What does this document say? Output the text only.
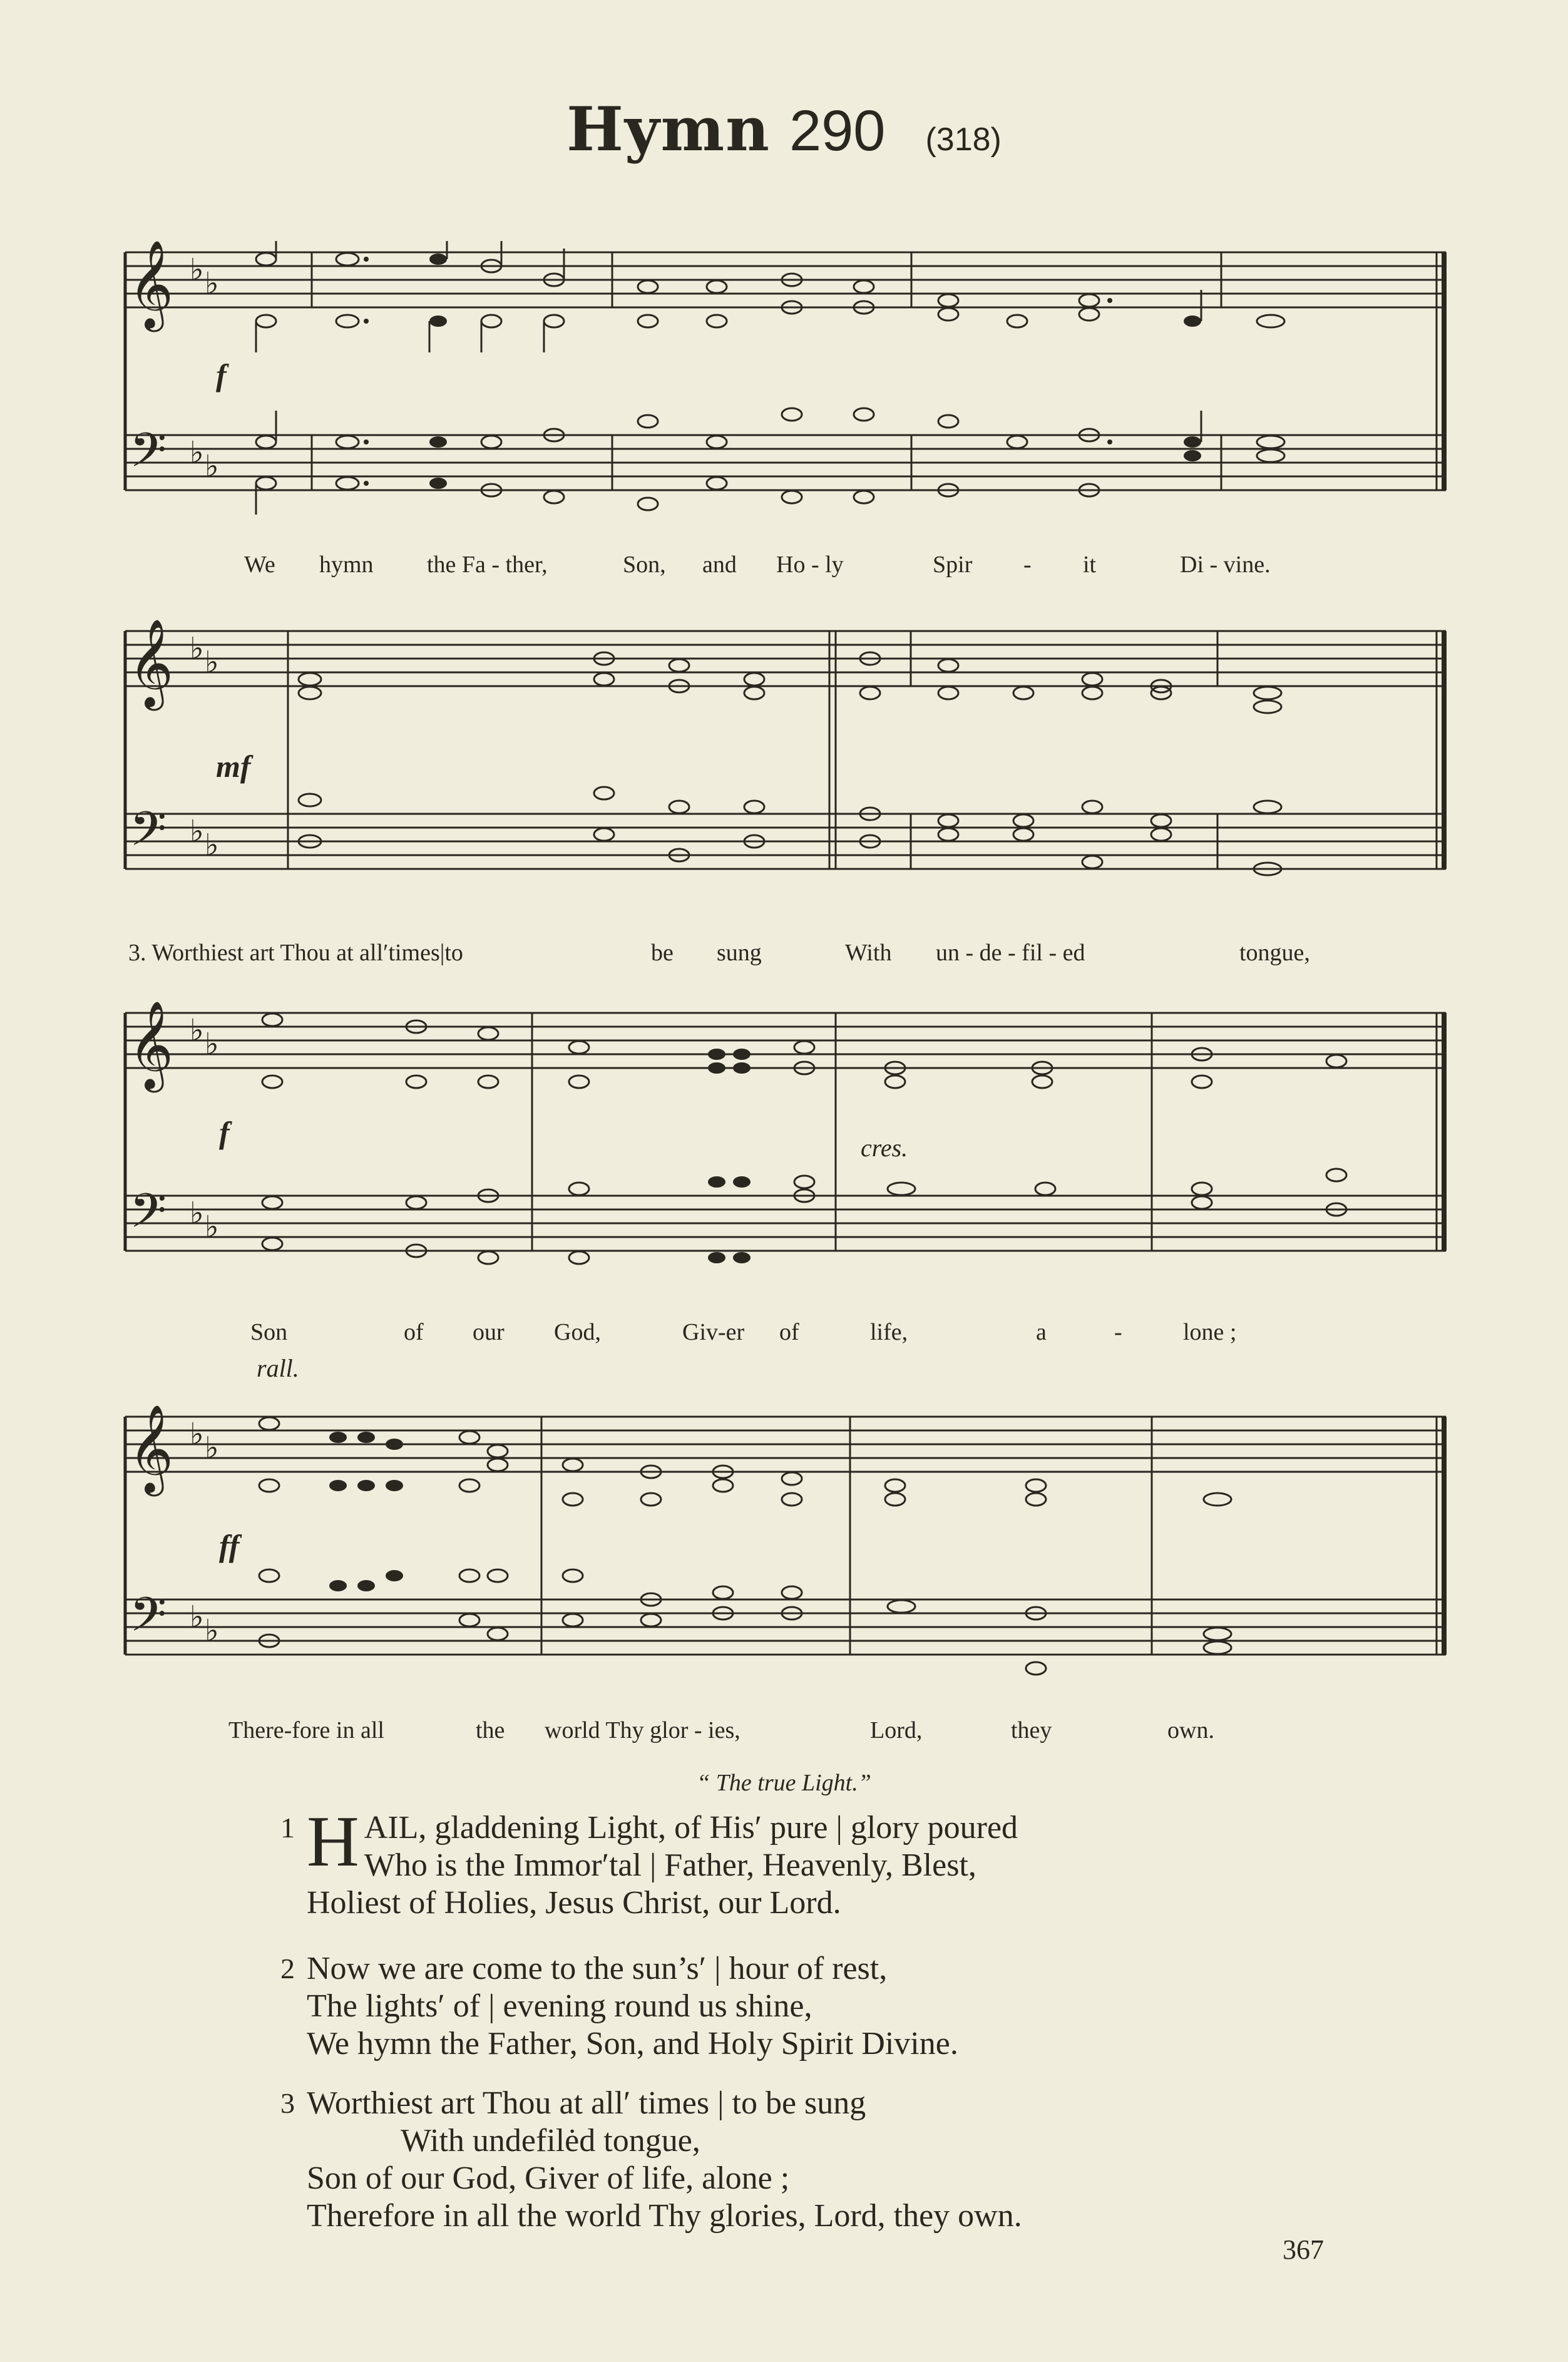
Hymn 290 (318)
𝄞
𝄢
♭ ♭
♭ ♭
f
We hymn the Fa - ther,	Son, and Ho - ly	Spir - it	Di - vine.
𝄞
𝄢
♭ ♭
♭ ♭
mf
3. Worthiest art Thou at all′times|to	be sung	With un - de - fil - ed	tongue,
𝄞
𝄢
♭ ♭
♭ ♭
f	cres.
Son	of our God,	Giv-er of	life,	a	-	lone ;
rall.
𝄞
𝄢
♭ ♭
♭ ♭
ff
There-fore in all	the world Thy glor - ies,	Lord,	they	own.
“ The true Light.”
1 H AIL, gladdening Light, of His′ pure | glory poured
Who is the Immor′tal | Father, Heavenly, Blest,
Holiest of Holies, Jesus Christ, our Lord.
2 Now we are come to the sun’s′ | hour of rest,
The lights′ of | evening round us shine,
We hymn the Father, Son, and Holy Spirit Divine.
3 Worthiest art Thou at all′ times | to be sung
With undefilėd tongue,
Son of our God, Giver of life, alone ;
Therefore in all the world Thy glories, Lord, they own.
367
